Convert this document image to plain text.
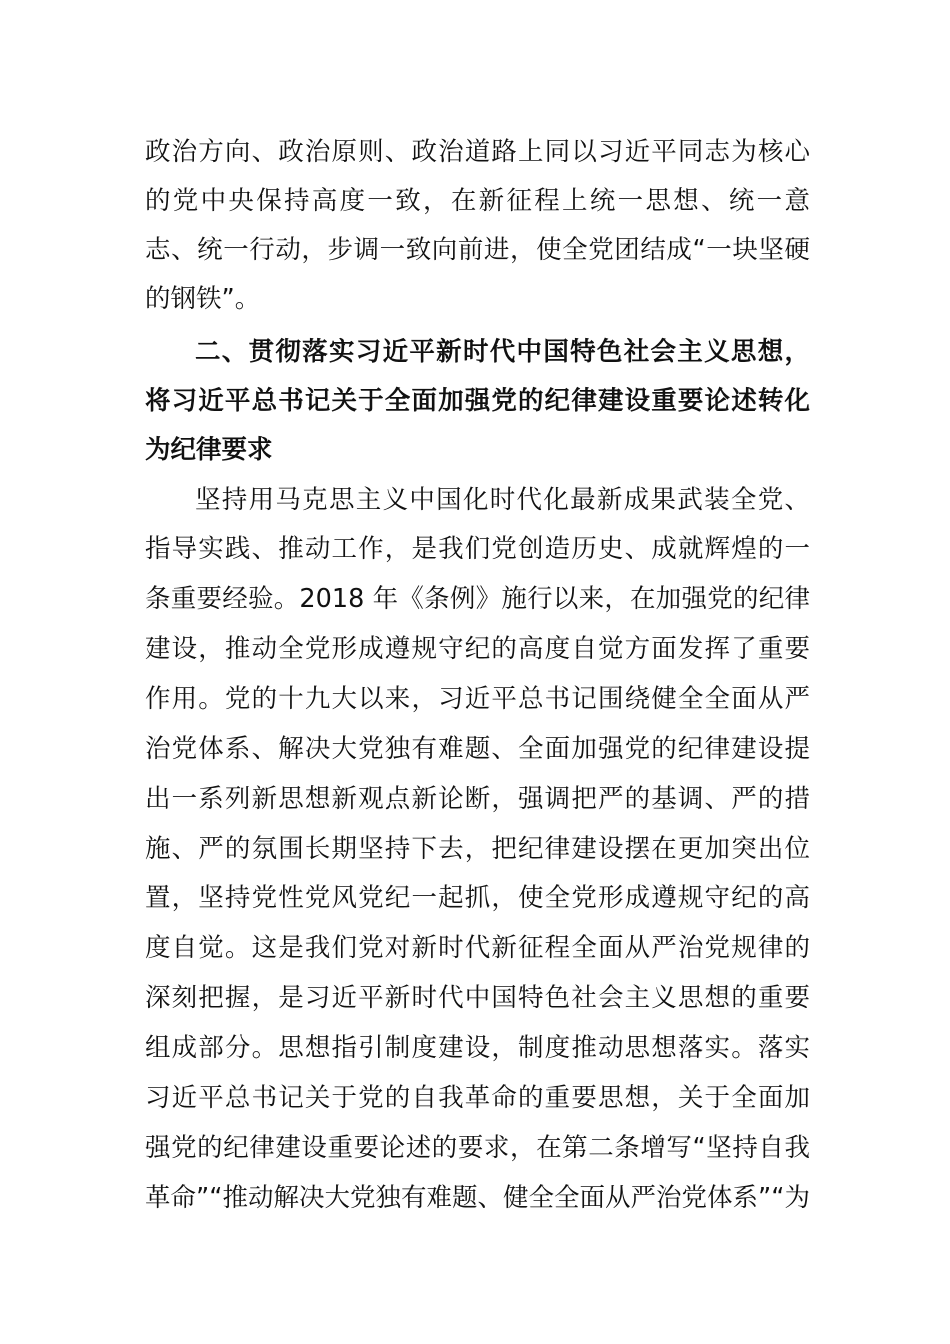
政治方向、政治原则、政治道路上同以习近平同志为核心
的党中央保持高度一致，在新征程上统一思想、统一意
志、统一行动，步调一致向前进，使全党团结成“一块坚硬
的钢铁”。
二、贯彻落实习近平新时代中国特色社会主义思想，
将习近平总书记关于全面加强党的纪律建设重要论述转化
为纪律要求
坚持用马克思主义中国化时代化最新成果武装全党、
指导实践、推动工作，是我们党创造历史、成就辉煌的一
条重要经验。2018 年《条例》施行以来，在加强党的纪律
建设，推动全党形成遵规守纪的高度自觉方面发挥了重要
作用。党的十九大以来，习近平总书记围绕健全全面从严
治党体系、解决大党独有难题、全面加强党的纪律建设提
出一系列新思想新观点新论断，强调把严的基调、严的措
施、严的氛围长期坚持下去，把纪律建设摆在更加突出位
置，坚持党性党风党纪一起抓，使全党形成遵规守纪的高
度自觉。这是我们党对新时代新征程全面从严治党规律的
深刻把握，是习近平新时代中国特色社会主义思想的重要
组成部分。思想指引制度建设，制度推动思想落实。落实
习近平总书记关于党的自我革命的重要思想，关于全面加
强党的纪律建设重要论述的要求，在第二条增写“坚持自我
革命”“推动解决大党独有难题、健全全面从严治党体系”“为
